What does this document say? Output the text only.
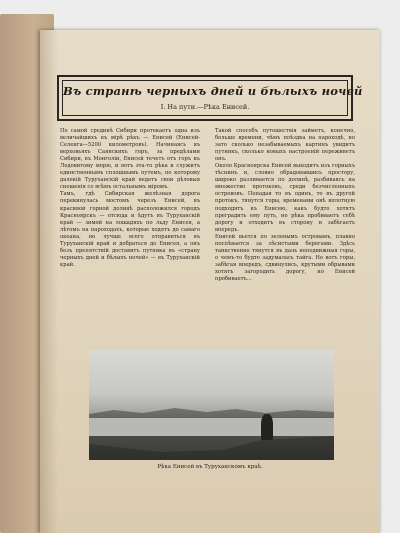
Въ странѣ черныхъ дней и бѣлыхъ ночей
I. На пути.—Рѣка Енисей.

По самой срединѣ Сибири протекаетъ одна изъ величайшихъ въ мірѣ рѣкъ — Енисей (Енисей-Селенга—5200 километровъ). Начинаясь въ верховьяхъ Саянскихъ горъ, за предѣлами Сибири, въ Монголіи, Енисей течетъ отъ горъ къ Ледовитому морю, и вотъ эта-то рѣка и служитъ единственнымъ сплошнымъ путемъ, по которому далекій Туруханскій край ведетъ свои дѣловыя сношенія со всѣмъ остальнымъ міромъ.

Тамъ, гдѣ Сибирская желѣзная дорога перекинулась мостомъ черезъ Енисей, въ красивой горной долинѣ расположился городъ Красноярскъ — отсюда и ѣдутъ въ Туруханскій край — зимой на лошадяхъ по льду Енисея, а лѣтомъ на пароходахъ, которые ходятъ до самаго океана, но лучше всего отправиться въ Туруханскій край и добраться до Енисея, а онъ безъ препятствій доставитъ путника въ «страну черныхъ дней и бѣлыхъ ночей» — въ Туруханскій край.

Такой способъ путешествія займетъ, конечно, больше времени, чѣмъ поѣздка на пароходѣ, но зато сколько незабываемыхъ картинъ увидитъ путникъ, сколько новыхъ настроеній переживетъ онъ.

Около Красноярска Енисей выходитъ изъ горныхъ тѣснинъ и, словно обрадовавшись простору, широко разливается по долинѣ, разбиваясь на множество протоковъ, среди безчисленныхъ острововъ. Попадая то въ одинъ, то въ другой протокъ, тянутся горы, временами онѣ вплотную подходятъ къ Енисею, какъ будто хотятъ преградить ему путь, но рѣка пробиваетъ себѣ дорогу и отходитъ въ сторону и забѣгаетъ впередъ.

Енисей вьется по зеленымъ островамъ, плавно поспѣвается за лѣсистыми берегами. Здѣсь таинственно тянутся въ даль неподвижныя горы, о чемъ-то будто задумалась тайга. Но вотъ горы, забѣгая впередъ, сдвинулись, крутыми обрывами хотятъ загородить дорогу, но Енисей пробиваетъ...

Рѣка Енисей въ Туруханскомъ краѣ.
